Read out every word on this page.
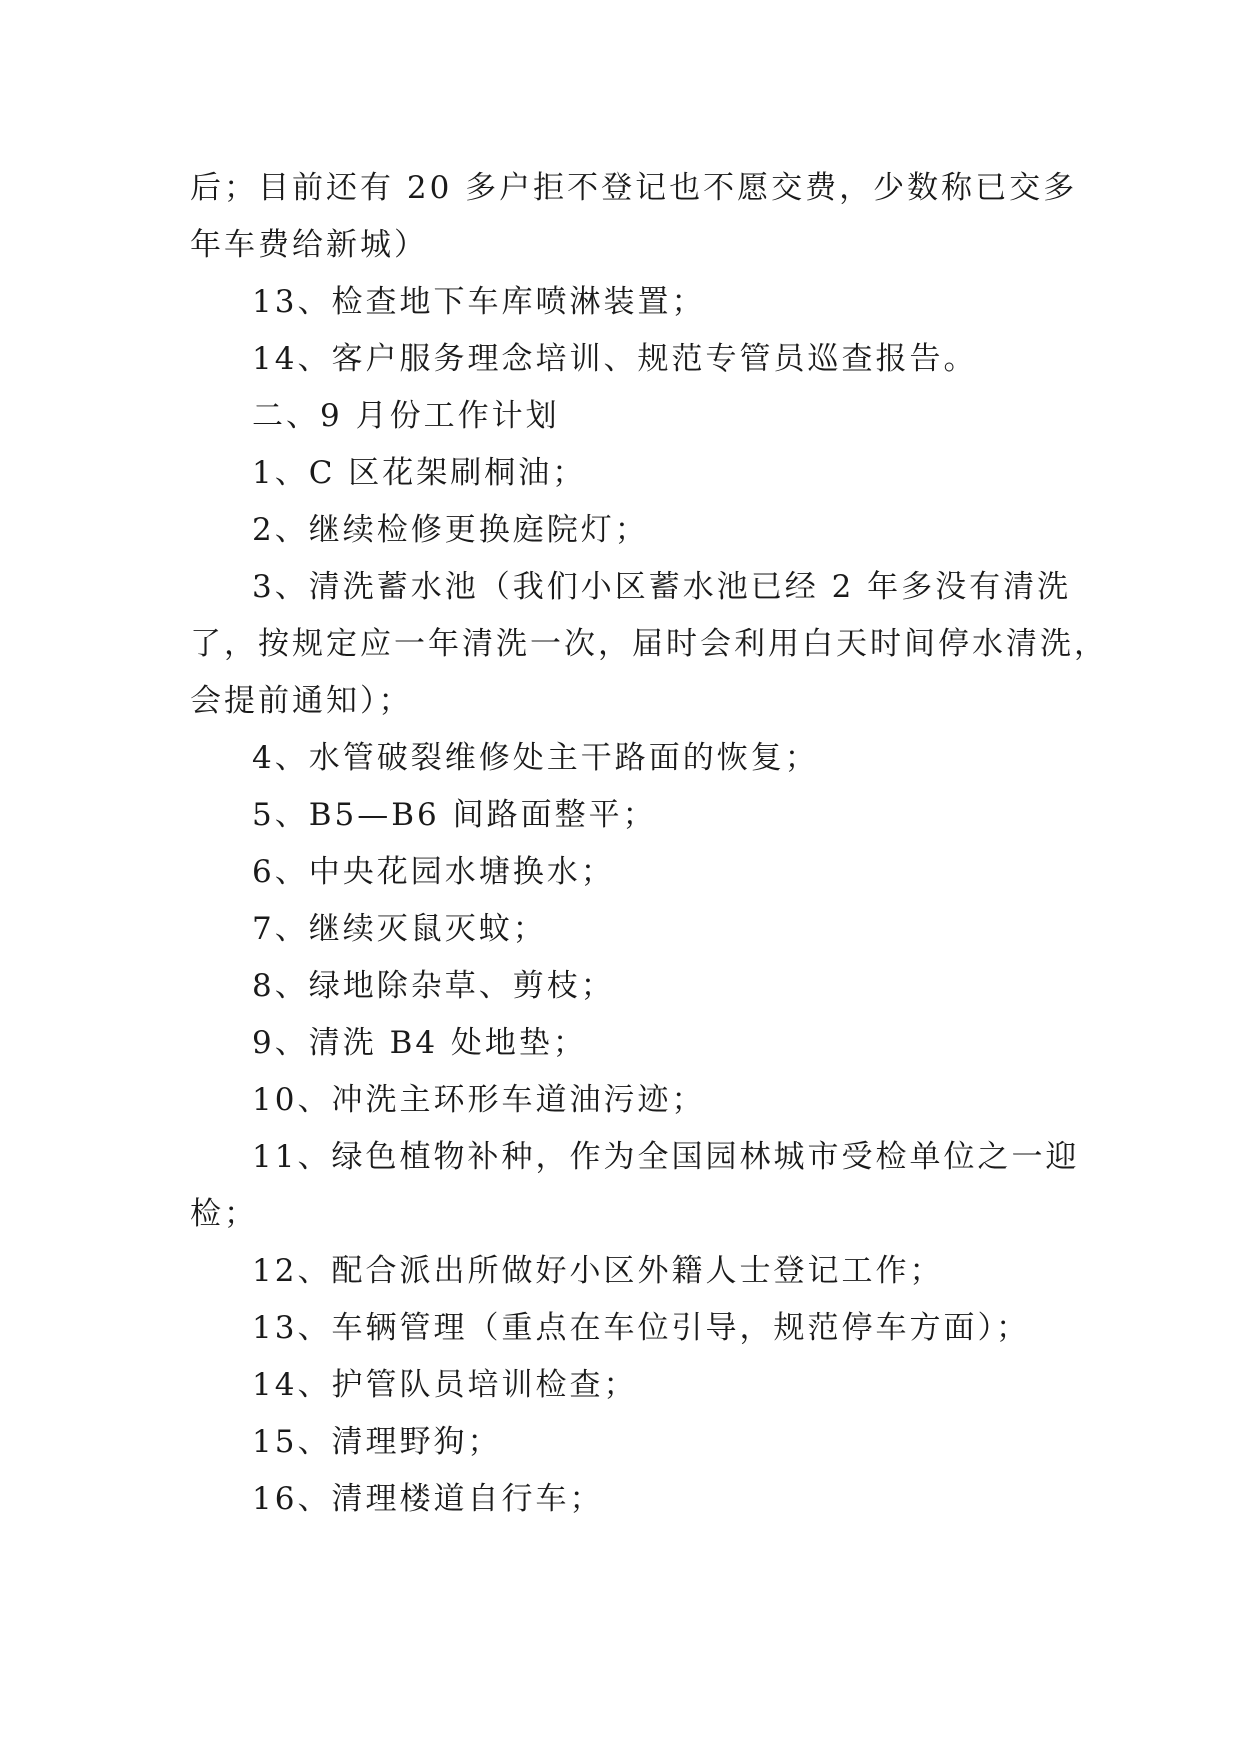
后；目前还有 20 多户拒不登记也不愿交费，少数称已交多
年车费给新城）
13、检查地下车库喷淋装置；
14、客户服务理念培训、规范专管员巡查报告。
二、9 月份工作计划
1、C 区花架刷桐油；
2、继续检修更换庭院灯；
3、清洗蓄水池（我们小区蓄水池已经 2 年多没有清洗
了，按规定应一年清洗一次，届时会利用白天时间停水清洗，
会提前通知）；
4、水管破裂维修处主干路面的恢复；
5、B5—B6 间路面整平；
6、中央花园水塘换水；
7、继续灭鼠灭蚊；
8、绿地除杂草、剪枝；
9、清洗 B4 处地垫；
10、冲洗主环形车道油污迹；
11、绿色植物补种，作为全国园林城市受检单位之一迎
检；
12、配合派出所做好小区外籍人士登记工作；
13、车辆管理（重点在车位引导，规范停车方面）；
14、护管队员培训检查；
15、清理野狗；
16、清理楼道自行车；
